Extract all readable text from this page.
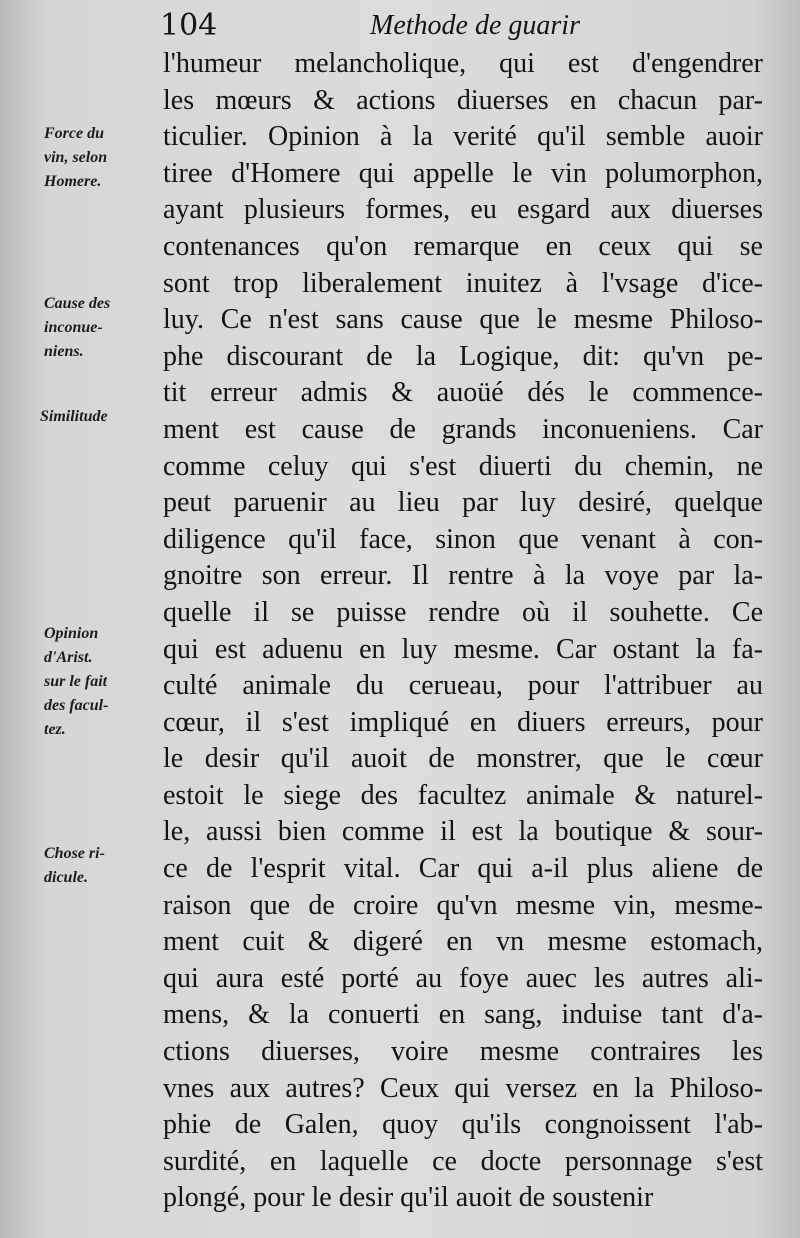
104	Methode de guarir
Force du
vin, selon
Homere.
Cause des
inconue-
niens.
Similitude
Opinion
d'Arist.
sur le fait
des facul-
tez.
Chose ri-
dicule.
l'humeur melancholique, qui est d'engendrer
les mœurs & actions diuerses en chacun par-
ticulier. Opinion à la verité qu'il semble auoir
tiree d'Homere qui appelle le vin polumorphon,
ayant plusieurs formes, eu esgard aux diuerses
contenances qu'on remarque en ceux qui se
sont trop liberalement inuitez à l'vsage d'ice-
luy. Ce n'est sans cause que le mesme Philoso-
phe discourant de la Logique, dit: qu'vn pe-
tit erreur admis & auoüé dés le commence-
ment est cause de grands inconueniens. Car
comme celuy qui s'est diuerti du chemin, ne
peut paruenir au lieu par luy desiré, quelque
diligence qu'il face, sinon que venant à con-
gnoitre son erreur. Il rentre à la voye par la-
quelle il se puisse rendre où il souhette. Ce
qui est aduenu en luy mesme. Car ostant la fa-
culté animale du cerueau, pour l'attribuer au
cœur, il s'est impliqué en diuers erreurs, pour
le desir qu'il auoit de monstrer, que le cœur
estoit le siege des facultez animale & naturel-
le, aussi bien comme il est la boutique & sour-
ce de l'esprit vital. Car qui a-il plus aliene de
raison que de croire qu'vn mesme vin, mesme-
ment cuit & digeré en vn mesme estomach,
qui aura esté porté au foye auec les autres ali-
mens, & la conuerti en sang, induise tant d'a-
ctions diuerses, voire mesme contraires les
vnes aux autres? Ceux qui versez en la Philoso-
phie de Galen, quoy qu'ils congnoissent l'ab-
surdité, en laquelle ce docte personnage s'est
plongé, pour le desir qu'il auoit de soustenir
